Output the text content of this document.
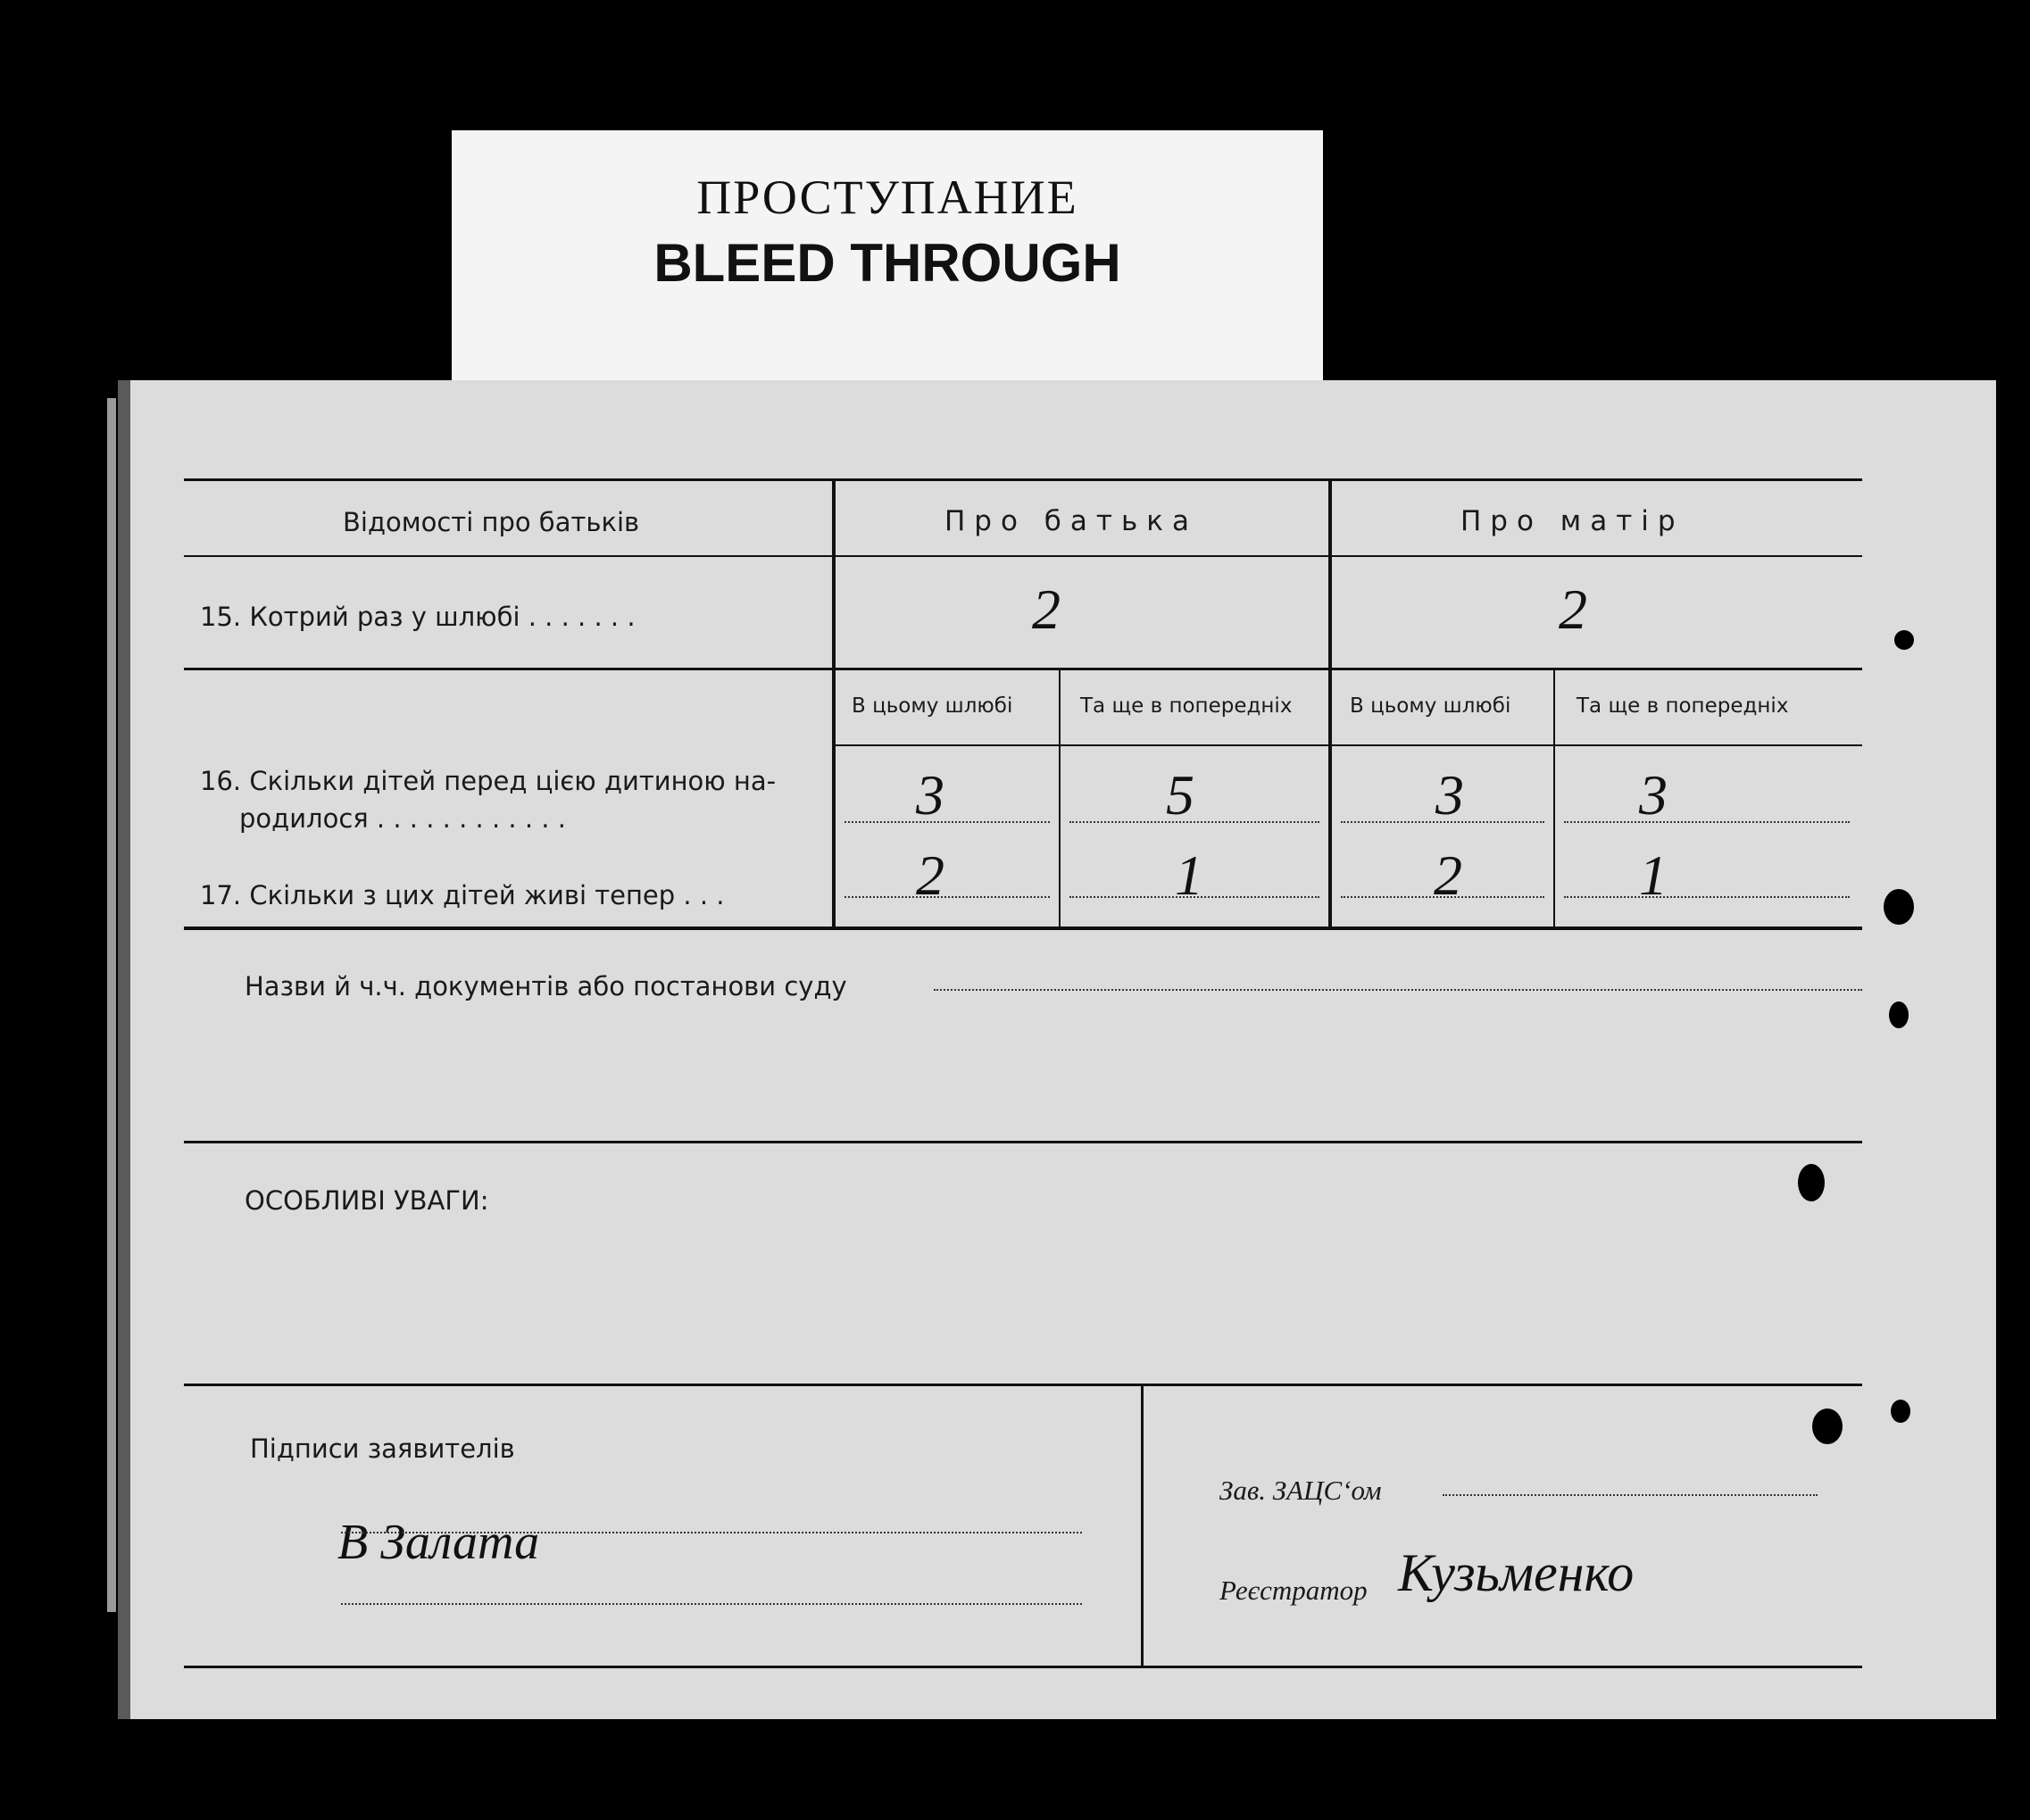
ПРОСТУПАНИЕ
BLEED THROUGH
Відомості про батьків	Про батька	Про матір
15. Котрий раз у шлюбі . . . . . . .	2	2
В цьому шлюбі	Та ще в попередніх	В цьому шлюбі	Та ще в попередніх
16. Скільки дітей перед цією дитиною на-
родилося . . . . . . . . . . . .	3	5	3	3
17. Скільки з цих дітей живі тепер . . .	2	1	2	1
Назви й ч.ч. документів або постанови суду
ОСОБЛИВІ УВАГИ:
Підписи заявителів
В Залата
Зав. ЗАЦС‘ом
Реєстратор Кузьменко
